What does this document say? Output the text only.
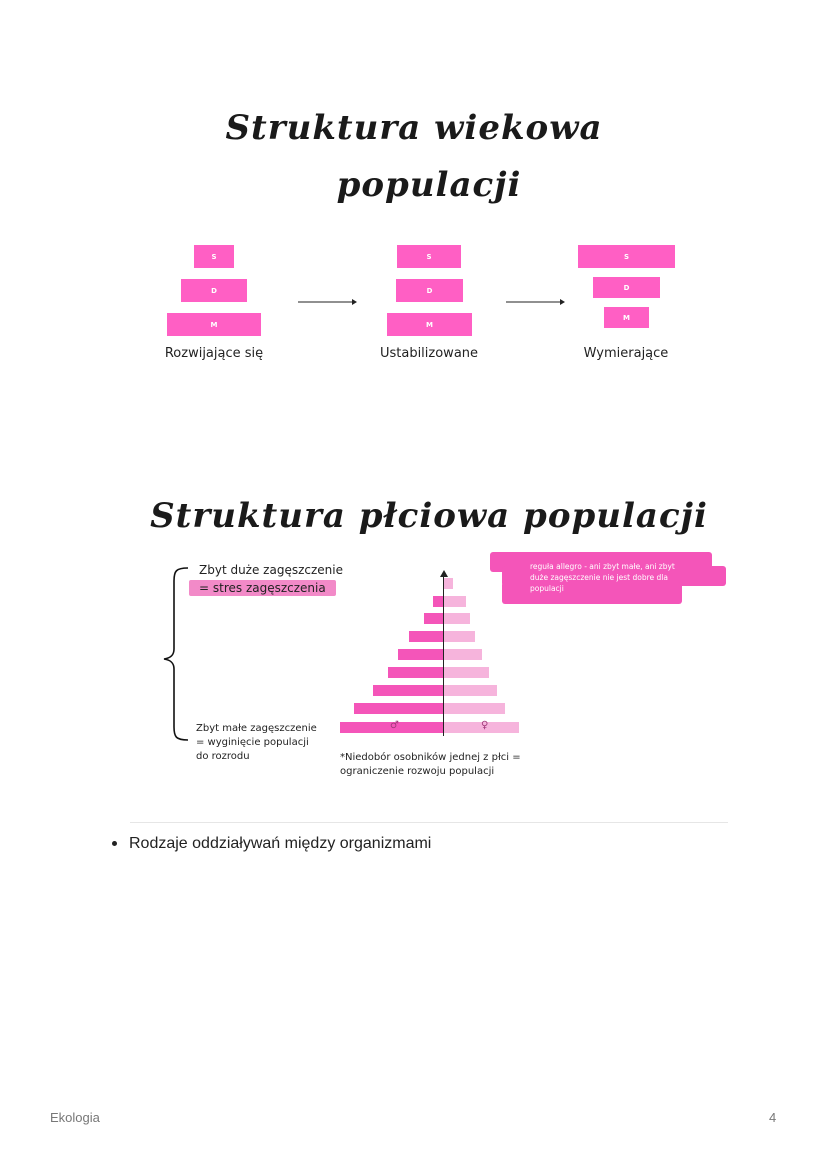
Struktura wiekowa
populacji
S
D
M
Rozwijające się
S
D
M
Ustabilizowane
S
D
M
Wymierające
Struktura płciowa populacji
Zbyt duże zagęszczenie
= stres zagęszczenia
Zbyt małe zagęszczenie
= wyginięcie populacji
do rozrodu
reguła allegro - ani zbyt małe, ani zbyt
duże zagęszczenie nie jest dobre dla
populacji
♂	♀
*Niedobór osobników jednej z płci =
ograniczenie rozwoju populacji
Rodzaje oddziaływań między organizmami
Ekologia	4
